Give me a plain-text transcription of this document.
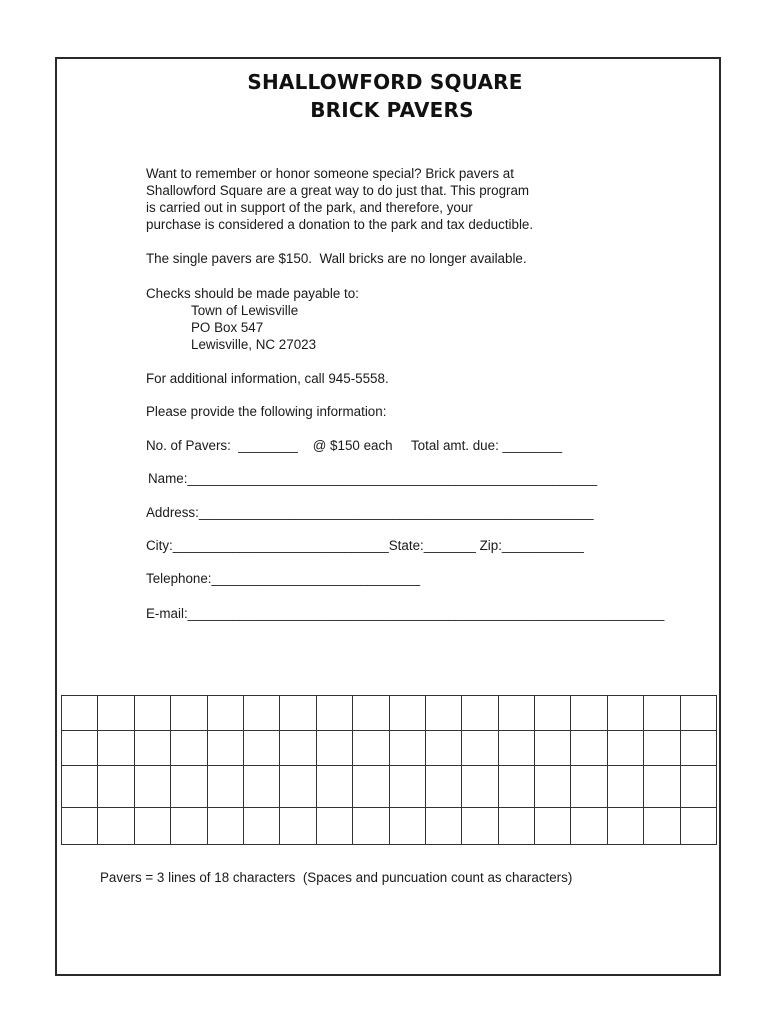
SHALLOWFORD SQUARE
BRICK PAVERS
Want to remember or honor someone special? Brick pavers at
Shallowford Square are a great way to do just that. This program
is carried out in support of the park, and therefore, your
purchase is considered a donation to the park and tax deductible.
The single pavers are $150.  Wall bricks are no longer available.
Checks should be made payable to:
Town of Lewisville
PO Box 547
Lewisville, NC 27023
For additional information, call 945-5558.
Please provide the following information:
No. of Pavers:  ________    @ $150 each     Total amt. due: ________
Name:_______________________________________________________
Address:_____________________________________________________
City:_____________________________State:_______ Zip:___________
Telephone:____________________________
E-mail:________________________________________________________________
Pavers = 3 lines of 18 characters  (Spaces and puncuation count as characters)
